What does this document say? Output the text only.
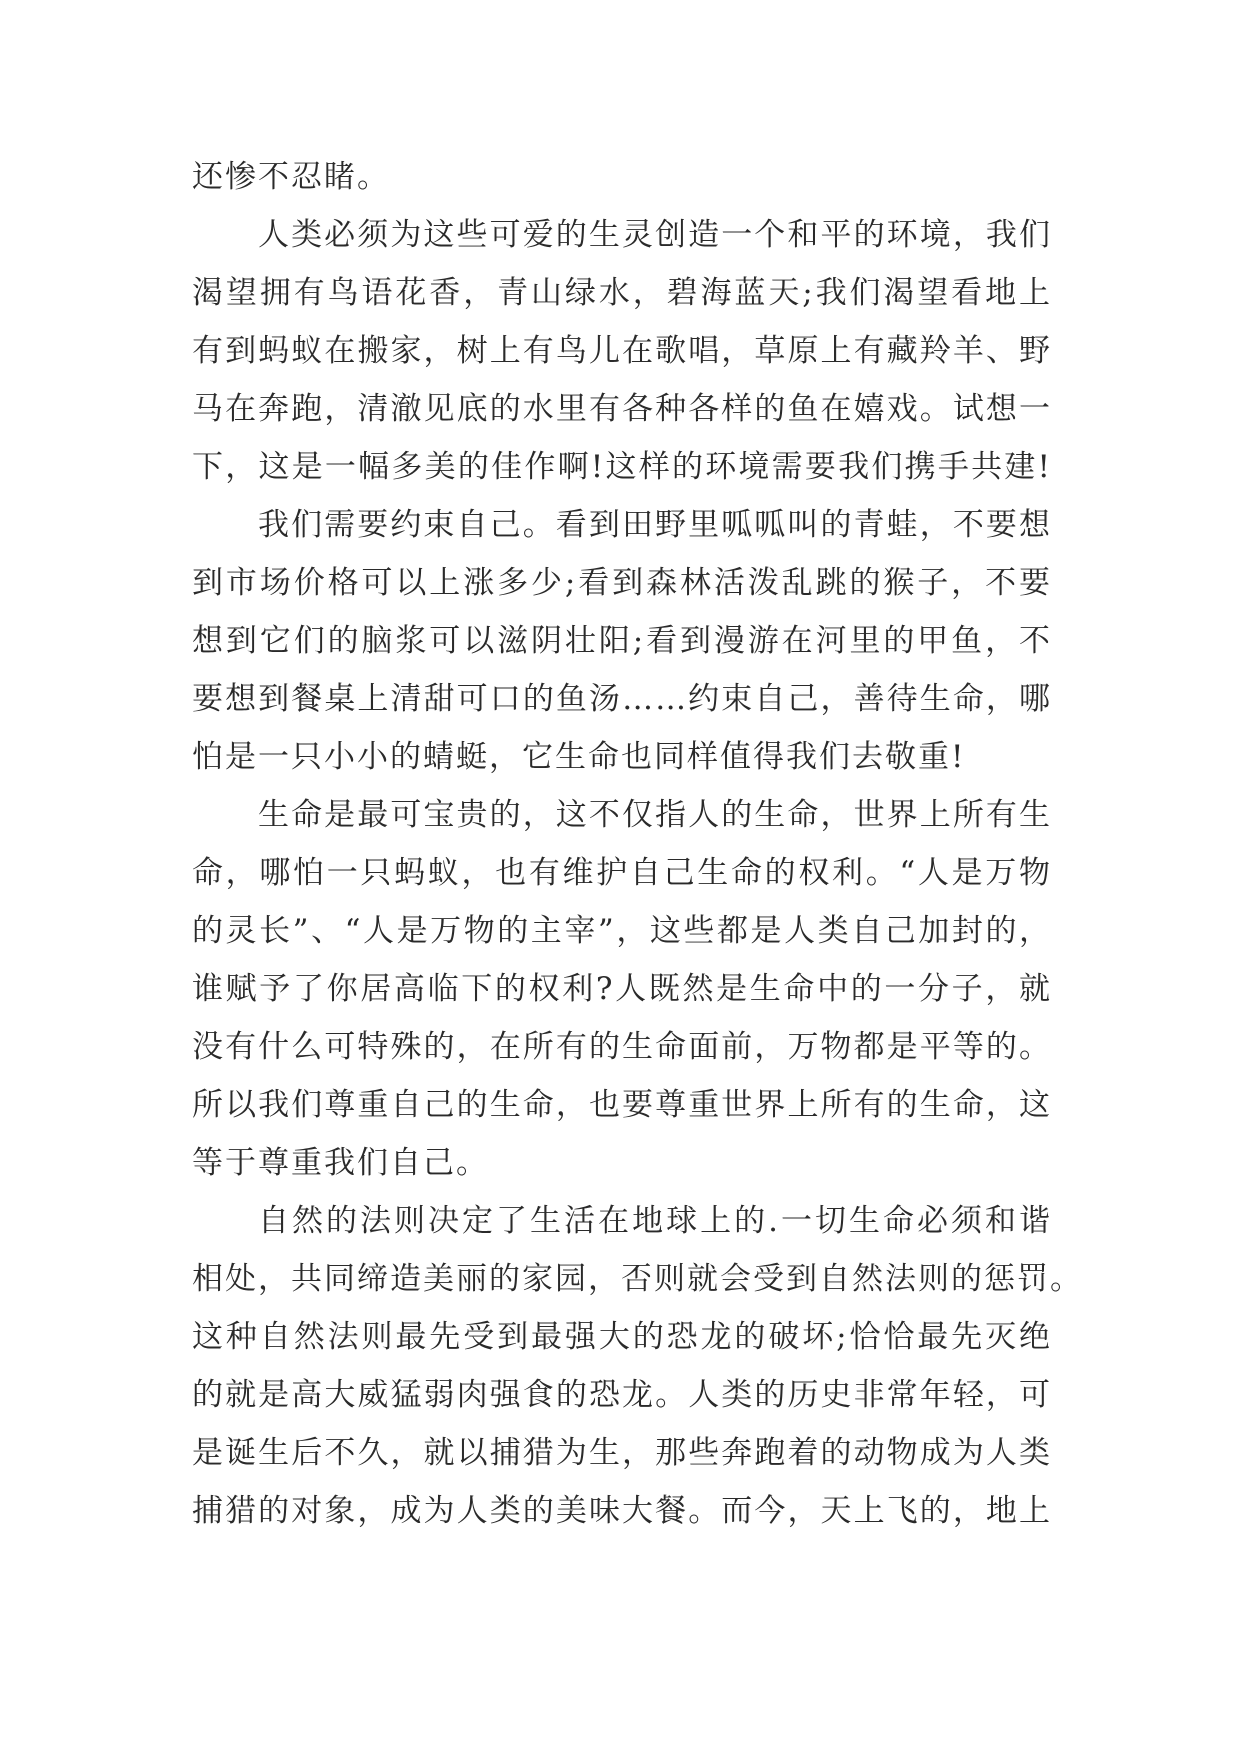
还惨不忍睹。
人类必须为这些可爱的生灵创造一个和平的环境，我们
渴望拥有鸟语花香，青山绿水，碧海蓝天;我们渴望看地上
有到蚂蚁在搬家，树上有鸟儿在歌唱，草原上有藏羚羊、野
马在奔跑，清澈见底的水里有各种各样的鱼在嬉戏。试想一
下，这是一幅多美的佳作啊!这样的环境需要我们携手共建!
我们需要约束自己。看到田野里呱呱叫的青蛙，不要想
到市场价格可以上涨多少;看到森林活泼乱跳的猴子，不要
想到它们的脑浆可以滋阴壮阳;看到漫游在河里的甲鱼，不
要想到餐桌上清甜可口的鱼汤……约束自己，善待生命，哪
怕是一只小小的蜻蜓，它生命也同样值得我们去敬重!
生命是最可宝贵的，这不仅指人的生命，世界上所有生
命，哪怕一只蚂蚁，也有维护自己生命的权利。“人是万物
的灵长”、“人是万物的主宰”，这些都是人类自己加封的，
谁赋予了你居高临下的权利?人既然是生命中的一分子，就
没有什么可特殊的，在所有的生命面前，万物都是平等的。
所以我们尊重自己的生命，也要尊重世界上所有的生命，这
等于尊重我们自己。
自然的法则决定了生活在地球上的.一切生命必须和谐
相处，共同缔造美丽的家园，否则就会受到自然法则的惩罚。
这种自然法则最先受到最强大的恐龙的破坏;恰恰最先灭绝
的就是高大威猛弱肉强食的恐龙。人类的历史非常年轻，可
是诞生后不久，就以捕猎为生，那些奔跑着的动物成为人类
捕猎的对象，成为人类的美味大餐。而今，天上飞的，地上
